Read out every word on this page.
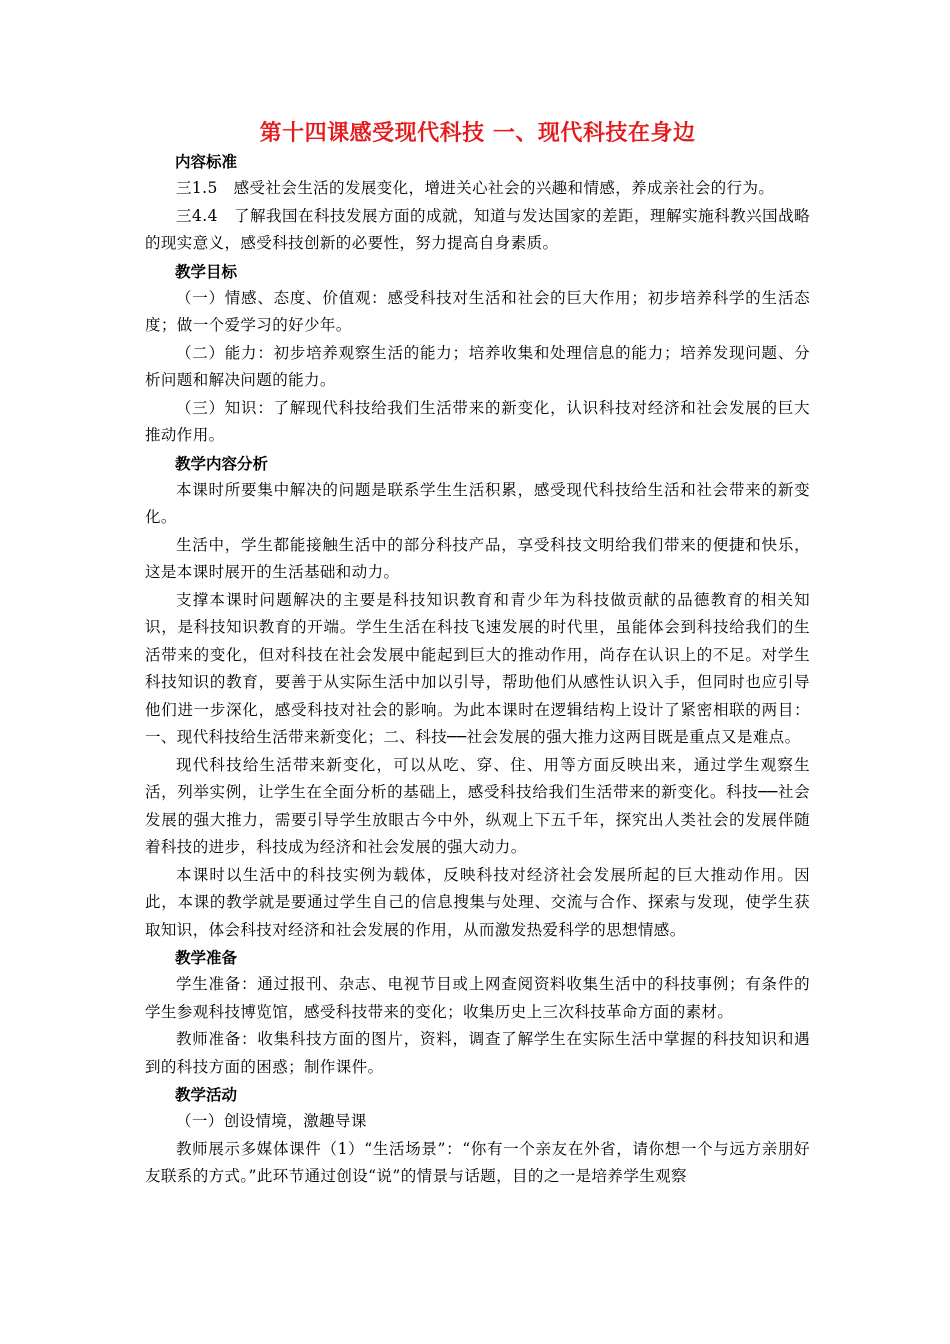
第十四课感受现代科技 一、现代科技在身边

内容标准

三1.5　感受社会生活的发展变化，增进关心社会的兴趣和情感，养成亲社会的行为。

三4.4　了解我国在科技发展方面的成就，知道与发达国家的差距，理解实施科教兴国战略的现实意义，感受科技创新的必要性，努力提高自身素质。

教学目标

（一）情感、态度、价值观：感受科技对生活和社会的巨大作用；初步培养科学的生活态度；做一个爱学习的好少年。

（二）能力：初步培养观察生活的能力；培养收集和处理信息的能力；培养发现问题、分析问题和解决问题的能力。

（三）知识：了解现代科技给我们生活带来的新变化，认识科技对经济和社会发展的巨大推动作用。

教学内容分析

本课时所要集中解决的问题是联系学生生活积累，感受现代科技给生活和社会带来的新变化。

生活中，学生都能接触生活中的部分科技产品，享受科技文明给我们带来的便捷和快乐，这是本课时展开的生活基础和动力。

支撑本课时问题解决的主要是科技知识教育和青少年为科技做贡献的品德教育的相关知识，是科技知识教育的开端。学生生活在科技飞速发展的时代里，虽能体会到科技给我们的生活带来的变化，但对科技在社会发展中能起到巨大的推动作用，尚存在认识上的不足。对学生科技知识的教育，要善于从实际生活中加以引导，帮助他们从感性认识入手，但同时也应引导他们进一步深化，感受科技对社会的影响。为此本课时在逻辑结构上设计了紧密相联的两目：一、现代科技给生活带来新变化；二、科技──社会发展的强大推力这两目既是重点又是难点。

现代科技给生活带来新变化，可以从吃、穿、住、用等方面反映出来，通过学生观察生活，列举实例，让学生在全面分析的基础上，感受科技给我们生活带来的新变化。科技──社会发展的强大推力，需要引导学生放眼古今中外，纵观上下五千年，探究出人类社会的发展伴随着科技的进步，科技成为经济和社会发展的强大动力。

本课时以生活中的科技实例为载体，反映科技对经济社会发展所起的巨大推动作用。因此，本课的教学就是要通过学生自己的信息搜集与处理、交流与合作、探索与发现，使学生获取知识，体会科技对经济和社会发展的作用，从而激发热爱科学的思想情感。

教学准备

学生准备：通过报刊、杂志、电视节目或上网查阅资料收集生活中的科技事例；有条件的学生参观科技博览馆，感受科技带来的变化；收集历史上三次科技革命方面的素材。

教师准备：收集科技方面的图片，资料，调查了解学生在实际生活中掌握的科技知识和遇到的科技方面的困惑；制作课件。

教学活动

（一）创设情境，激趣导课

教师展示多媒体课件（1）“生活场景”：“你有一个亲友在外省，请你想一个与远方亲朋好友联系的方式。”此环节通过创设“说”的情景与话题，目的之一是培养学生观察
